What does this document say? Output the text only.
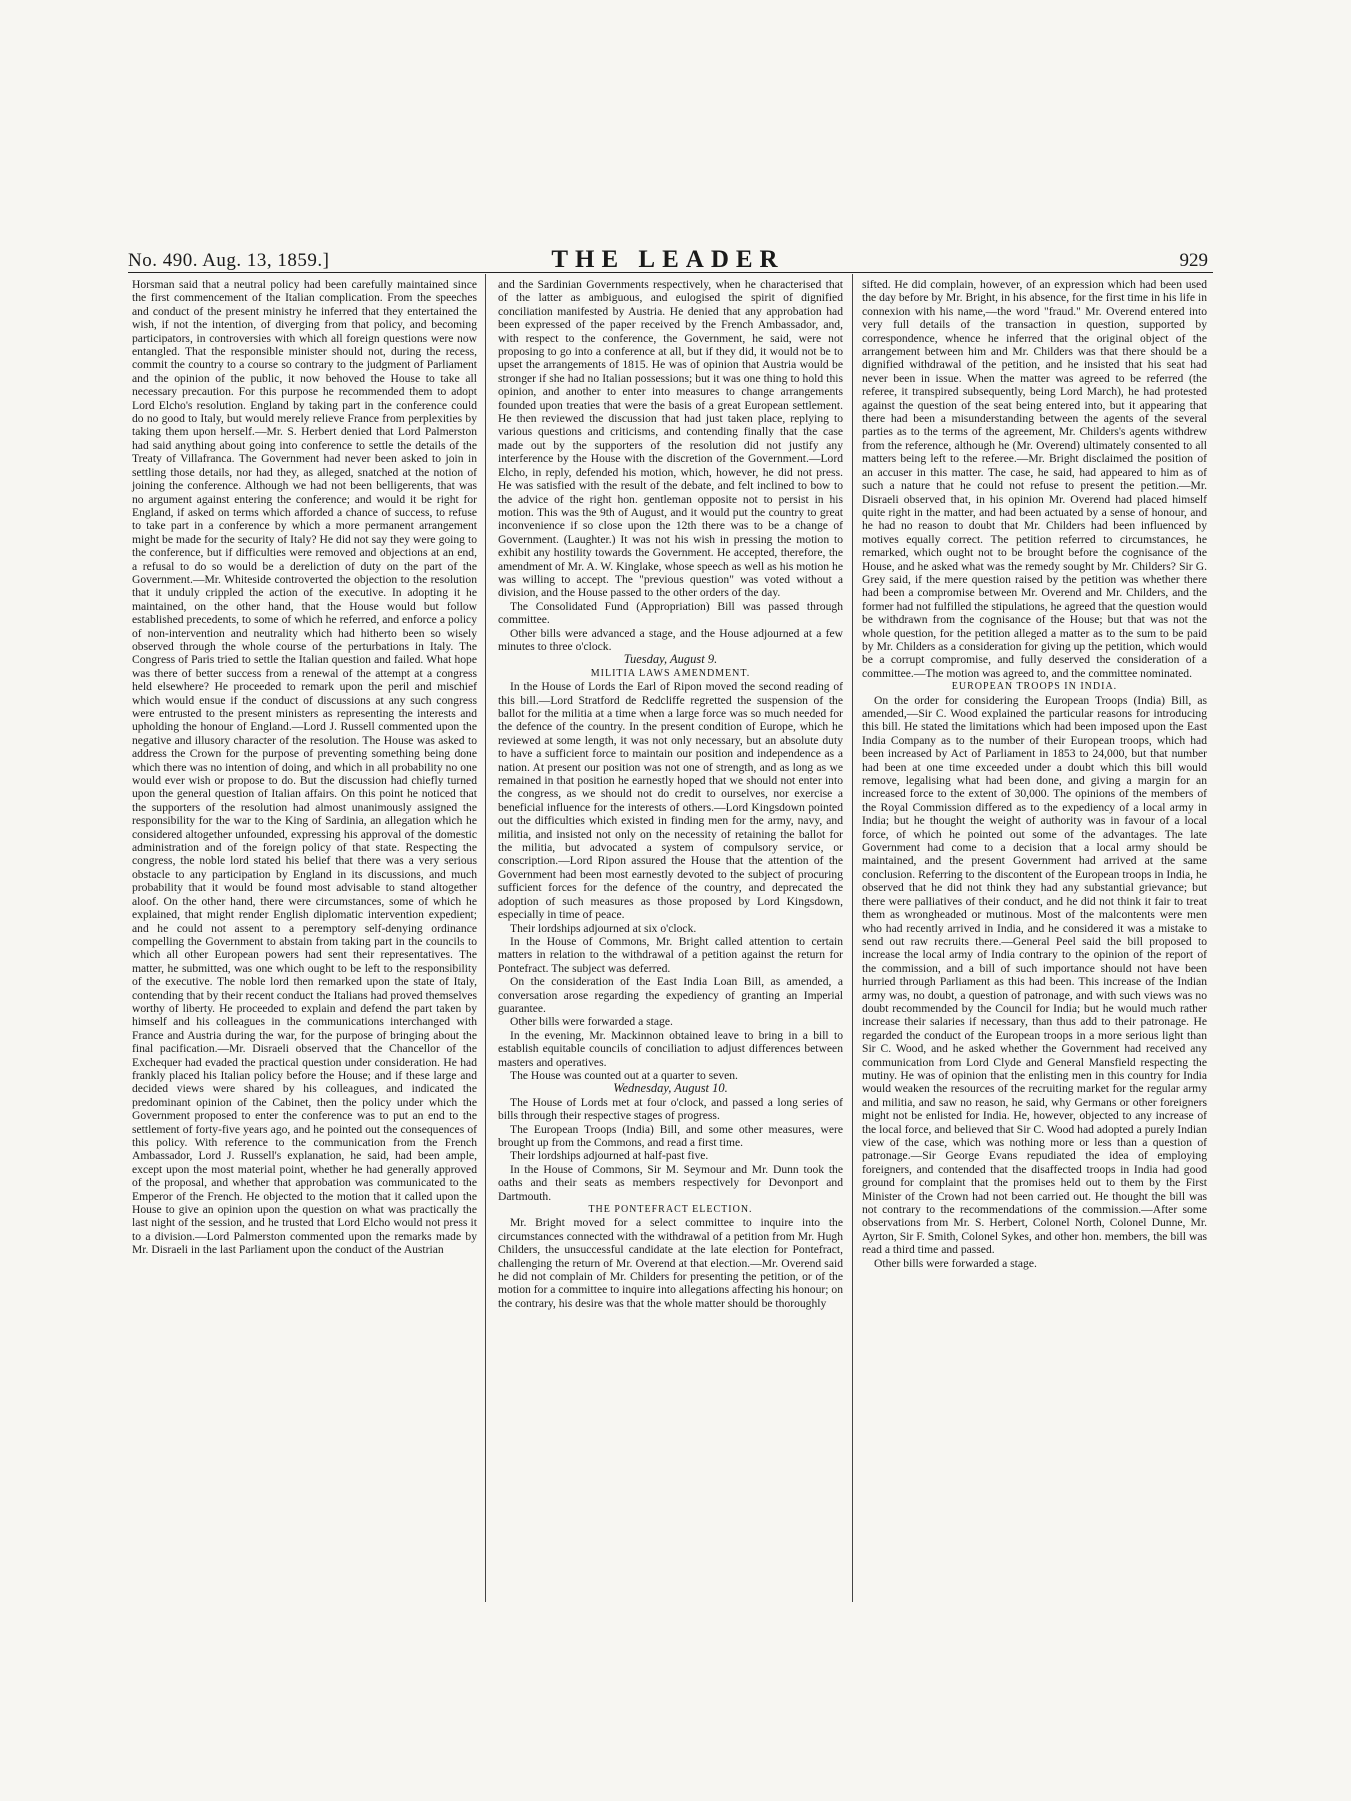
No. 490. Aug. 13, 1859.]	THE LEADER	929

Horsman said that a neutral policy had been carefully maintained since the first commencement of the Italian complication. From the speeches and conduct of the present ministry he inferred that they entertained the wish, if not the intention, of diverging from that policy, and becoming participators, in controversies with which all foreign questions were now entangled. That the responsible minister should not, during the recess, commit the country to a course so contrary to the judgment of Parliament and the opinion of the public, it now behoved the House to take all necessary precaution. For this purpose he recommended them to adopt Lord Elcho's resolution. England by taking part in the conference could do no good to Italy, but would merely relieve France from perplexities by taking them upon herself.—Mr. S. Herbert denied that Lord Palmerston had said anything about going into conference to settle the details of the Treaty of Villafranca. The Government had never been asked to join in settling those details, nor had they, as alleged, snatched at the notion of joining the conference. Although we had not been belligerents, that was no argument against entering the conference; and would it be right for England, if asked on terms which afforded a chance of success, to refuse to take part in a conference by which a more permanent arrangement might be made for the security of Italy? He did not say they were going to the conference, but if difficulties were removed and objections at an end, a refusal to do so would be a dereliction of duty on the part of the Government.—Mr. Whiteside controverted the objection to the resolution that it unduly crippled the action of the executive. In adopting it he maintained, on the other hand, that the House would but follow established precedents, to some of which he referred, and enforce a policy of non-intervention and neutrality which had hitherto been so wisely observed through the whole course of the perturbations in Italy. The Congress of Paris tried to settle the Italian question and failed. What hope was there of better success from a renewal of the attempt at a congress held elsewhere? He proceeded to remark upon the peril and mischief which would ensue if the conduct of discussions at any such congress were entrusted to the present ministers as representing the interests and upholding the honour of England.—Lord J. Russell commented upon the negative and illusory character of the resolution. The House was asked to address the Crown for the purpose of preventing something being done which there was no intention of doing, and which in all probability no one would ever wish or propose to do. But the discussion had chiefly turned upon the general question of Italian affairs. On this point he noticed that the supporters of the resolution had almost unanimously assigned the responsibility for the war to the King of Sardinia, an allegation which he considered altogether unfounded, expressing his approval of the domestic administration and of the foreign policy of that state. Respecting the congress, the noble lord stated his belief that there was a very serious obstacle to any participation by England in its discussions, and much probability that it would be found most advisable to stand altogether aloof. On the other hand, there were circumstances, some of which he explained, that might render English diplomatic intervention expedient; and he could not assent to a peremptory self-denying ordinance compelling the Government to abstain from taking part in the councils to which all other European powers had sent their representatives. The matter, he submitted, was one which ought to be left to the responsibility of the executive. The noble lord then remarked upon the state of Italy, contending that by their recent conduct the Italians had proved themselves worthy of liberty. He proceeded to explain and defend the part taken by himself and his colleagues in the communications interchanged with France and Austria during the war, for the purpose of bringing about the final pacification.—Mr. Disraeli observed that the Chancellor of the Exchequer had evaded the practical question under consideration. He had frankly placed his Italian policy before the House; and if these large and decided views were shared by his colleagues, and indicated the predominant opinion of the Cabinet, then the policy under which the Government proposed to enter the conference was to put an end to the settlement of forty-five years ago, and he pointed out the consequences of this policy. With reference to the communication from the French Ambassador, Lord J. Russell's explanation, he said, had been ample, except upon the most material point, whether he had generally approved of the proposal, and whether that approbation was communicated to the Emperor of the French. He objected to the motion that it called upon the House to give an opinion upon the question on what was practically the last night of the session, and he trusted that Lord Elcho would not press it to a division.—Lord Palmerston commented upon the remarks made by Mr. Disraeli in the last Parliament upon the conduct of the Austrian

and the Sardinian Governments respectively, when he characterised that of the latter as ambiguous, and eulogised the spirit of dignified conciliation manifested by Austria. He denied that any approbation had been expressed of the paper received by the French Ambassador, and, with respect to the conference, the Government, he said, were not proposing to go into a conference at all, but if they did, it would not be to upset the arrangements of 1815. He was of opinion that Austria would be stronger if she had no Italian possessions; but it was one thing to hold this opinion, and another to enter into measures to change arrangements founded upon treaties that were the basis of a great European settlement. He then reviewed the discussion that had just taken place, replying to various questions and criticisms, and contending finally that the case made out by the supporters of the resolution did not justify any interference by the House with the discretion of the Government.—Lord Elcho, in reply, defended his motion, which, however, he did not press. He was satisfied with the result of the debate, and felt inclined to bow to the advice of the right hon. gentleman opposite not to persist in his motion. This was the 9th of August, and it would put the country to great inconvenience if so close upon the 12th there was to be a change of Government. (Laughter.) It was not his wish in pressing the motion to exhibit any hostility towards the Government. He accepted, therefore, the amendment of Mr. A. W. Kinglake, whose speech as well as his motion he was willing to accept. The "previous question" was voted without a division, and the House passed to the other orders of the day.

The Consolidated Fund (Appropriation) Bill was passed through committee.

Other bills were advanced a stage, and the House adjourned at a few minutes to three o'clock.

Tuesday, August 9.

MILITIA LAWS AMENDMENT.

In the House of Lords the Earl of Ripon moved the second reading of this bill.—Lord Stratford de Redcliffe regretted the suspension of the ballot for the militia at a time when a large force was so much needed for the defence of the country. In the present condition of Europe, which he reviewed at some length, it was not only necessary, but an absolute duty to have a sufficient force to maintain our position and independence as a nation. At present our position was not one of strength, and as long as we remained in that position he earnestly hoped that we should not enter into the congress, as we should not do credit to ourselves, nor exercise a beneficial influence for the interests of others.—Lord Kingsdown pointed out the difficulties which existed in finding men for the army, navy, and militia, and insisted not only on the necessity of retaining the ballot for the militia, but advocated a system of compulsory service, or conscription.—Lord Ripon assured the House that the attention of the Government had been most earnestly devoted to the subject of procuring sufficient forces for the defence of the country, and deprecated the adoption of such measures as those proposed by Lord Kingsdown, especially in time of peace.

Their lordships adjourned at six o'clock.

In the House of Commons, Mr. Bright called attention to certain matters in relation to the withdrawal of a petition against the return for Pontefract. The subject was deferred.

On the consideration of the East India Loan Bill, as amended, a conversation arose regarding the expediency of granting an Imperial guarantee.

Other bills were forwarded a stage.

In the evening, Mr. Mackinnon obtained leave to bring in a bill to establish equitable councils of conciliation to adjust differences between masters and operatives.

The House was counted out at a quarter to seven.

Wednesday, August 10.

The House of Lords met at four o'clock, and passed a long series of bills through their respective stages of progress.

The European Troops (India) Bill, and some other measures, were brought up from the Commons, and read a first time.

Their lordships adjourned at half-past five.

In the House of Commons, Sir M. Seymour and Mr. Dunn took the oaths and their seats as members respectively for Devonport and Dartmouth.

THE PONTEFRACT ELECTION.

Mr. Bright moved for a select committee to inquire into the circumstances connected with the withdrawal of a petition from Mr. Hugh Childers, the unsuccessful candidate at the late election for Pontefract, challenging the return of Mr. Overend at that election.—Mr. Overend said he did not complain of Mr. Childers for presenting the petition, or of the motion for a committee to inquire into allegations affecting his honour; on the contrary, his desire was that the whole matter should be thoroughly

sifted. He did complain, however, of an expression which had been used the day before by Mr. Bright, in his absence, for the first time in his life in connexion with his name,—the word "fraud." Mr. Overend entered into very full details of the transaction in question, supported by correspondence, whence he inferred that the original object of the arrangement between him and Mr. Childers was that there should be a dignified withdrawal of the petition, and he insisted that his seat had never been in issue. When the matter was agreed to be referred (the referee, it transpired subsequently, being Lord March), he had protested against the question of the seat being entered into, but it appearing that there had been a misunderstanding between the agents of the several parties as to the terms of the agreement, Mr. Childers's agents withdrew from the reference, although he (Mr. Overend) ultimately consented to all matters being left to the referee.—Mr. Bright disclaimed the position of an accuser in this matter. The case, he said, had appeared to him as of such a nature that he could not refuse to present the petition.—Mr. Disraeli observed that, in his opinion Mr. Overend had placed himself quite right in the matter, and had been actuated by a sense of honour, and he had no reason to doubt that Mr. Childers had been influenced by motives equally correct. The petition referred to circumstances, he remarked, which ought not to be brought before the cognisance of the House, and he asked what was the remedy sought by Mr. Childers? Sir G. Grey said, if the mere question raised by the petition was whether there had been a compromise between Mr. Overend and Mr. Childers, and the former had not fulfilled the stipulations, he agreed that the question would be withdrawn from the cognisance of the House; but that was not the whole question, for the petition alleged a matter as to the sum to be paid by Mr. Childers as a consideration for giving up the petition, which would be a corrupt compromise, and fully deserved the consideration of a committee.—The motion was agreed to, and the committee nominated.

EUROPEAN TROOPS IN INDIA.

On the order for considering the European Troops (India) Bill, as amended,—Sir C. Wood explained the particular reasons for introducing this bill. He stated the limitations which had been imposed upon the East India Company as to the number of their European troops, which had been increased by Act of Parliament in 1853 to 24,000, but that number had been at one time exceeded under a doubt which this bill would remove, legalising what had been done, and giving a margin for an increased force to the extent of 30,000. The opinions of the members of the Royal Commission differed as to the expediency of a local army in India; but he thought the weight of authority was in favour of a local force, of which he pointed out some of the advantages. The late Government had come to a decision that a local army should be maintained, and the present Government had arrived at the same conclusion. Referring to the discontent of the European troops in India, he observed that he did not think they had any substantial grievance; but there were palliatives of their conduct, and he did not think it fair to treat them as wrongheaded or mutinous. Most of the malcontents were men who had recently arrived in India, and he considered it was a mistake to send out raw recruits there.—General Peel said the bill proposed to increase the local army of India contrary to the opinion of the report of the commission, and a bill of such importance should not have been hurried through Parliament as this had been. This increase of the Indian army was, no doubt, a question of patronage, and with such views was no doubt recommended by the Council for India; but he would much rather increase their salaries if necessary, than thus add to their patronage. He regarded the conduct of the European troops in a more serious light than Sir C. Wood, and he asked whether the Government had received any communication from Lord Clyde and General Mansfield respecting the mutiny. He was of opinion that the enlisting men in this country for India would weaken the resources of the recruiting market for the regular army and militia, and saw no reason, he said, why Germans or other foreigners might not be enlisted for India. He, however, objected to any increase of the local force, and believed that Sir C. Wood had adopted a purely Indian view of the case, which was nothing more or less than a question of patronage.—Sir George Evans repudiated the idea of employing foreigners, and contended that the disaffected troops in India had good ground for complaint that the promises held out to them by the First Minister of the Crown had not been carried out. He thought the bill was not contrary to the recommendations of the commission.—After some observations from Mr. S. Herbert, Colonel North, Colonel Dunne, Mr. Ayrton, Sir F. Smith, Colonel Sykes, and other hon. members, the bill was read a third time and passed.

Other bills were forwarded a stage.
